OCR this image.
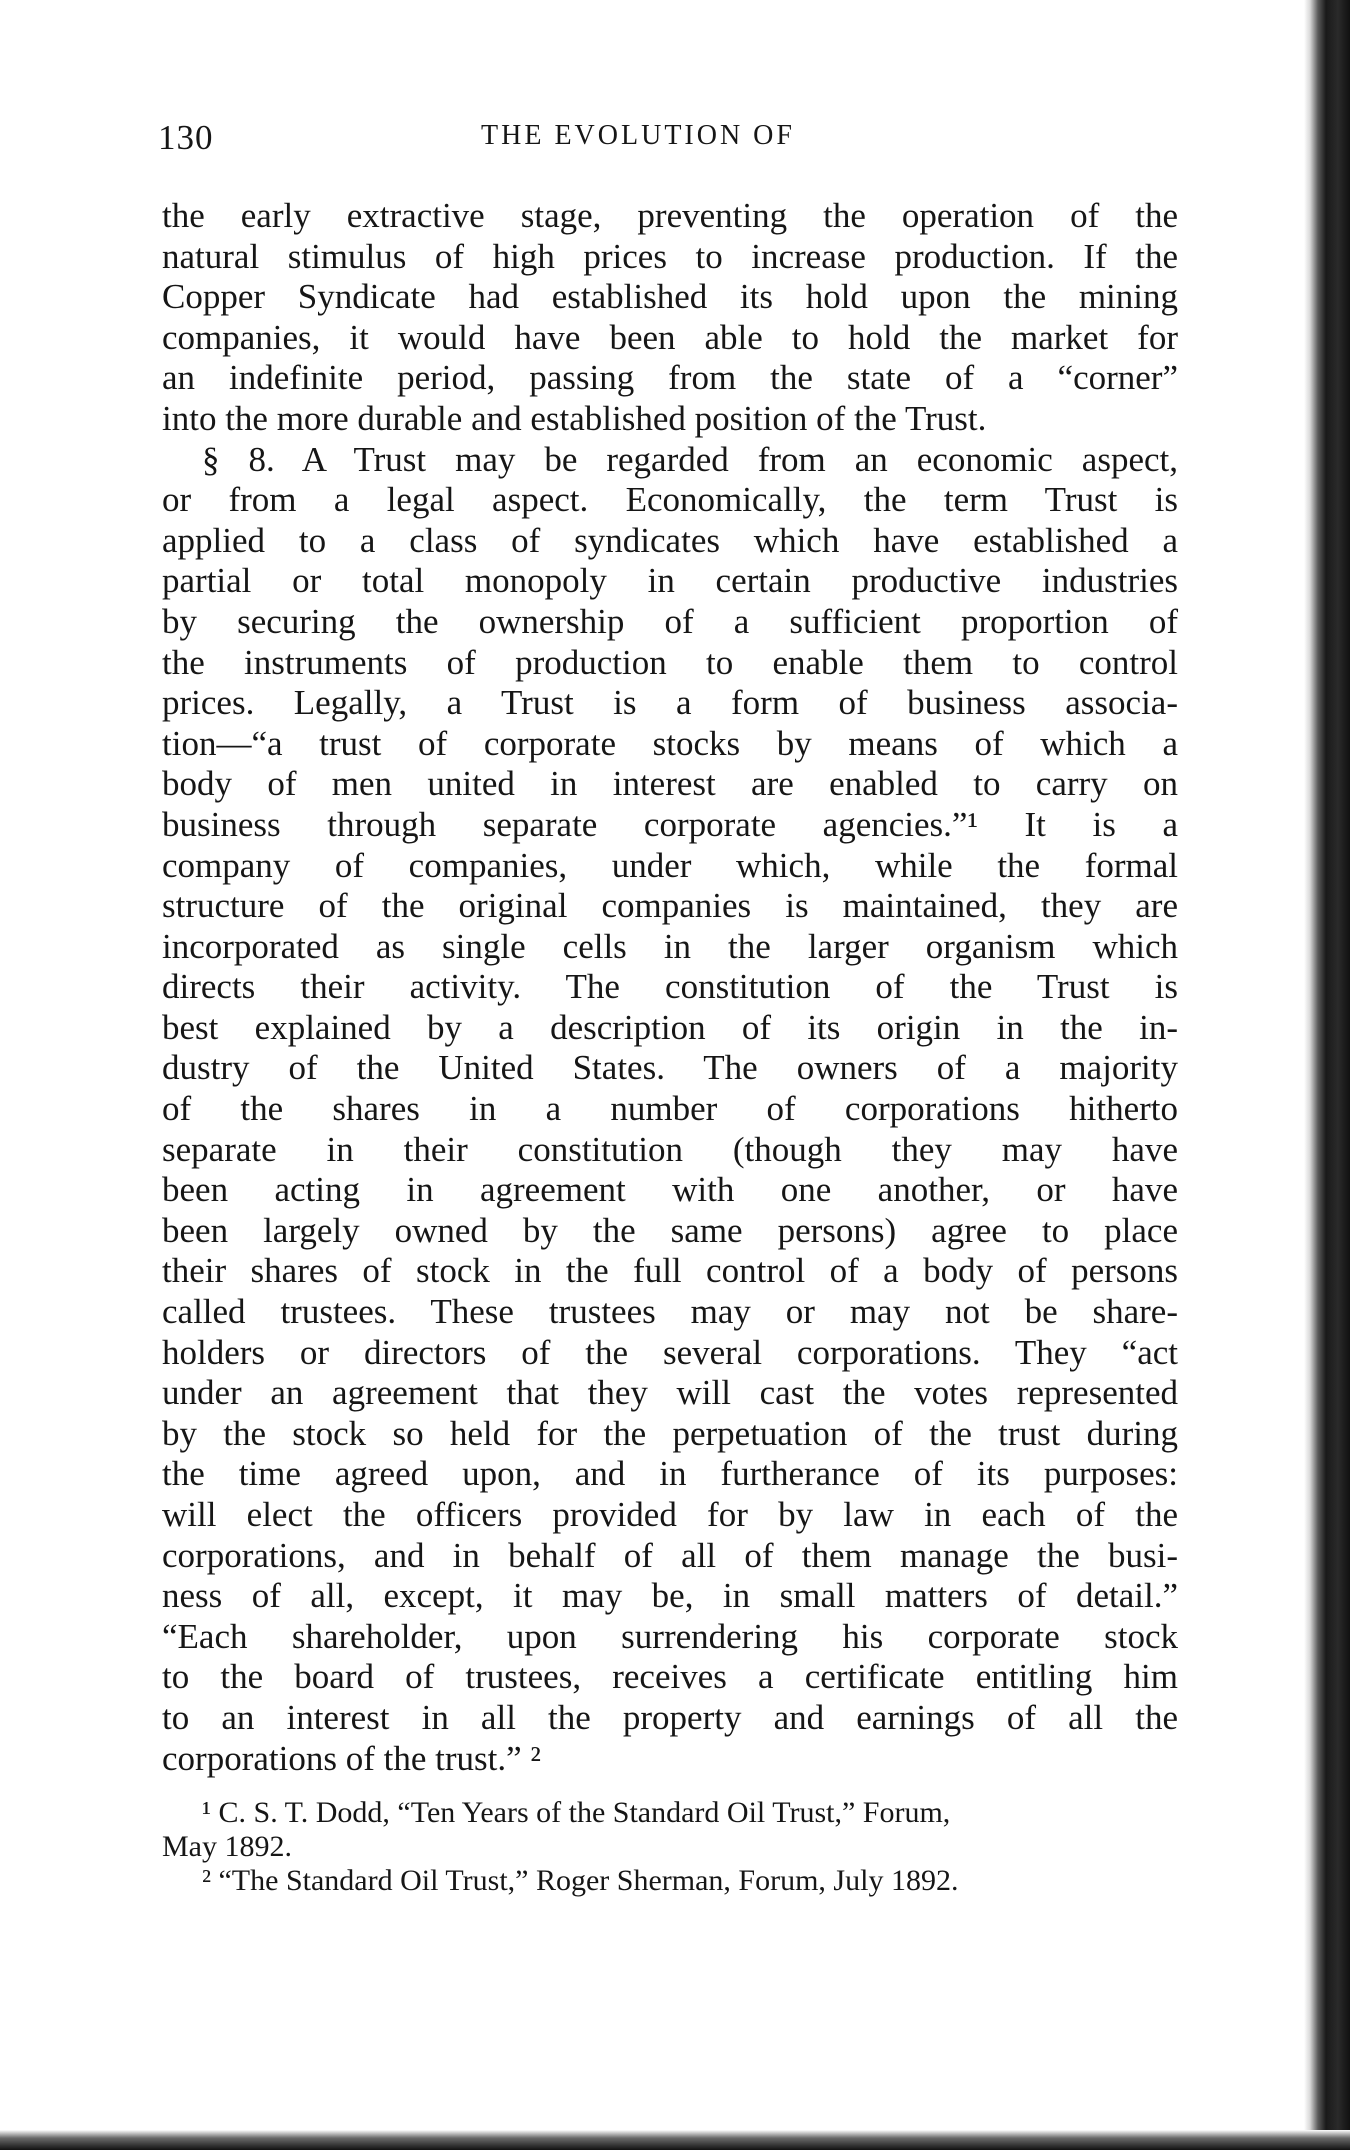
130	THE EVOLUTION OF
the early extractive stage, preventing the operation of the
natural stimulus of high prices to increase production. If the
Copper Syndicate had established its hold upon the mining
companies, it would have been able to hold the market for
an indefinite period, passing from the state of a “corner”
into the more durable and established position of the Trust.
§ 8. A Trust may be regarded from an economic aspect,
or from a legal aspect. Economically, the term Trust is
applied to a class of syndicates which have established a
partial or total monopoly in certain productive industries
by securing the ownership of a sufficient proportion of
the instruments of production to enable them to control
prices. Legally, a Trust is a form of business associa-
tion—“a trust of corporate stocks by means of which a
body of men united in interest are enabled to carry on
business through separate corporate agencies.”¹ It is a
company of companies, under which, while the formal
structure of the original companies is maintained, they are
incorporated as single cells in the larger organism which
directs their activity. The constitution of the Trust is
best explained by a description of its origin in the in-
dustry of the United States. The owners of a majority
of the shares in a number of corporations hitherto
separate in their constitution (though they may have
been acting in agreement with one another, or have
been largely owned by the same persons) agree to place
their shares of stock in the full control of a body of persons
called trustees. These trustees may or may not be share-
holders or directors of the several corporations. They “act
under an agreement that they will cast the votes represented
by the stock so held for the perpetuation of the trust during
the time agreed upon, and in furtherance of its purposes:
will elect the officers provided for by law in each of the
corporations, and in behalf of all of them manage the busi-
ness of all, except, it may be, in small matters of detail.”
“Each shareholder, upon surrendering his corporate stock
to the board of trustees, receives a certificate entitling him
to an interest in all the property and earnings of all the
corporations of the trust.” ²
¹ C. S. T. Dodd, “Ten Years of the Standard Oil Trust,” Forum,
May 1892.
² “The Standard Oil Trust,” Roger Sherman, Forum, July 1892.
